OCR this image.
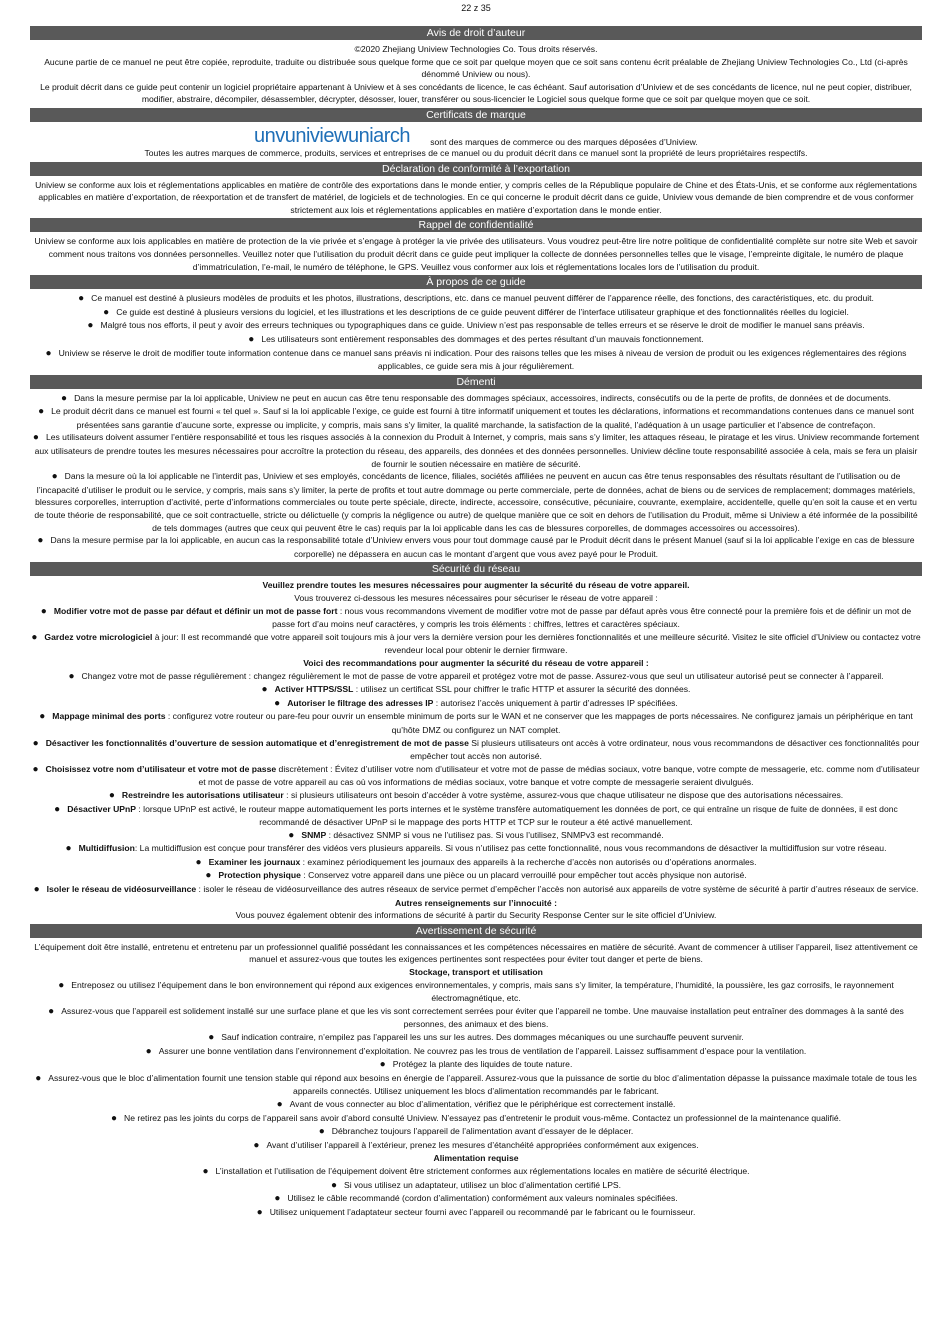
22 z 35
Avis de droit d’auteur

©2020 Zhejiang Uniview Technologies Co. Tous droits réservés.

Aucune partie de ce manuel ne peut être copiée, reproduite, traduite ou distribuée sous quelque forme que ce soit par quelque moyen que ce soit sans contenu écrit préalable de Zhejiang Uniview Technologies Co., Ltd (ci-après dénommé Uniview ou nous).

Le produit décrit dans ce guide peut contenir un logiciel propriétaire appartenant à Uniview et à ses concédants de licence, le cas échéant. Sauf autorisation d’Uniview et de ses concédants de licence, nul ne peut copier, distribuer, modifier, abstraire, décompiler, désassembler, décrypter, désosser, louer, transférer ou sous-licencier le Logiciel sous quelque forme que ce soit par quelque moyen que ce soit.

Certificats de marque
unvuniviewuniarch sont des marques de commerce ou des marques déposées d’Uniview.

Toutes les autres marques de commerce, produits, services et entreprises de ce manuel ou du produit décrit dans ce manuel sont la propriété de leurs propriétaires respectifs.

Déclaration de conformité à l’exportation

Uniview se conforme aux lois et réglementations applicables en matière de contrôle des exportations dans le monde entier, y compris celles de la République populaire de Chine et des États-Unis, et se conforme aux réglementations applicables en matière d’exportation, de réexportation et de transfert de matériel, de logiciels et de technologies. En ce qui concerne le produit décrit dans ce guide, Uniview vous demande de bien comprendre et de vous conformer strictement aux lois et réglementations applicables en matière d’exportation dans le monde entier.

Rappel de confidentialité

Uniview se conforme aux lois applicables en matière de protection de la vie privée et s’engage à protéger la vie privée des utilisateurs. Vous voudrez peut-être lire notre politique de confidentialité complète sur notre site Web et savoir comment nous traitons vos données personnelles. Veuillez noter que l’utilisation du produit décrit dans ce guide peut impliquer la collecte de données personnelles telles que le visage, l’empreinte digitale, le numéro de plaque d’immatriculation, l’e-mail, le numéro de téléphone, le GPS. Veuillez vous conformer aux lois et réglementations locales lors de l’utilisation du produit.

À propos de ce guide
● Ce manuel est destiné à plusieurs modèles de produits et les photos, illustrations, descriptions, etc. dans ce manuel peuvent différer de l’apparence réelle, des fonctions, des caractéristiques, etc. du produit.
● Ce guide est destiné à plusieurs versions du logiciel, et les illustrations et les descriptions de ce guide peuvent différer de l’interface utilisateur graphique et des fonctionnalités réelles du logiciel.
● Malgré tous nos efforts, il peut y avoir des erreurs techniques ou typographiques dans ce guide. Uniview n’est pas responsable de telles erreurs et se réserve le droit de modifier le manuel sans préavis.
● Les utilisateurs sont entièrement responsables des dommages et des pertes résultant d’un mauvais fonctionnement.
● Uniview se réserve le droit de modifier toute information contenue dans ce manuel sans préavis ni indication. Pour des raisons telles que les mises à niveau de version de produit ou les exigences réglementaires des régions applicables, ce guide sera mis à jour régulièrement.
Démenti
● Dans la mesure permise par la loi applicable, Uniview ne peut en aucun cas être tenu responsable des dommages spéciaux, accessoires, indirects, consécutifs ou de la perte de profits, de données et de documents.
● Le produit décrit dans ce manuel est fourni « tel quel ». Sauf si la loi applicable l’exige, ce guide est fourni à titre informatif uniquement et toutes les déclarations, informations et recommandations contenues dans ce manuel sont présentées sans garantie d’aucune sorte, expresse ou implicite, y compris, mais sans s’y limiter, la qualité marchande, la satisfaction de la qualité, l’adéquation à un usage particulier et l’absence de contrefaçon.
● Les utilisateurs doivent assumer l’entière responsabilité et tous les risques associés à la connexion du Produit à Internet, y compris, mais sans s’y limiter, les attaques réseau, le piratage et les virus. Uniview recommande fortement aux utilisateurs de prendre toutes les mesures nécessaires pour accroître la protection du réseau, des appareils, des données et des données personnelles. Uniview décline toute responsabilité associée à cela, mais se fera un plaisir de fournir le soutien nécessaire en matière de sécurité.
● Dans la mesure où la loi applicable ne l’interdit pas, Uniview et ses employés, concédants de licence, filiales, sociétés affiliées ne peuvent en aucun cas être tenus responsables des résultats résultant de l’utilisation ou de l’incapacité d’utiliser le produit ou le service, y compris, mais sans s’y limiter, la perte de profits et tout autre dommage ou perte commerciale, perte de données, achat de biens ou de services de remplacement; dommages matériels, blessures corporelles, interruption d’activité, perte d’informations commerciales ou toute perte spéciale, directe, indirecte, accessoire, consécutive, pécuniaire, couvrante, exemplaire, accidentelle, quelle qu’en soit la cause et en vertu de toute théorie de responsabilité, que ce soit contractuelle, stricte ou délictuelle (y compris la négligence ou autre) de quelque manière que ce soit en dehors de l’utilisation du Produit, même si Uniview a été informée de la possibilité de tels dommages (autres que ceux qui peuvent être le cas) requis par la loi applicable dans les cas de blessures corporelles, de dommages accessoires ou accessoires).
● Dans la mesure permise par la loi applicable, en aucun cas la responsabilité totale d’Uniview envers vous pour tout dommage causé par le Produit décrit dans le présent Manuel (sauf si la loi applicable l’exige en cas de blessure corporelle) ne dépassera en aucun cas le montant d’argent que vous avez payé pour le Produit.
Sécurité du réseau

Veuillez prendre toutes les mesures nécessaires pour augmenter la sécurité du réseau de votre appareil.

Vous trouverez ci-dessous les mesures nécessaires pour sécuriser le réseau de votre appareil :

● Modifier votre mot de passe par défaut et définir un mot de passe fort : nous vous recommandons vivement de modifier votre mot de passe par défaut après vous être connecté pour la première fois et de définir un mot de passe fort d’au moins neuf caractères, y compris les trois éléments : chiffres, lettres et caractères spéciaux.
● Gardez votre micrologiciel à jour: Il est recommandé que votre appareil soit toujours mis à jour vers la dernière version pour les dernières fonctionnalités et une meilleure sécurité. Visitez le site officiel d’Uniview ou contactez votre revendeur local pour obtenir le dernier firmware.

Voici des recommandations pour augmenter la sécurité du réseau de votre appareil :

● Changez votre mot de passe régulièrement : changez régulièrement le mot de passe de votre appareil et protégez votre mot de passe. Assurez-vous que seul un utilisateur autorisé peut se connecter à l’appareil.
● Activer HTTPS/SSL : utilisez un certificat SSL pour chiffrer le trafic HTTP et assurer la sécurité des données.
● Autoriser le filtrage des adresses IP : autorisez l’accès uniquement à partir d’adresses IP spécifiées.
● Mappage minimal des ports : configurez votre routeur ou pare-feu pour ouvrir un ensemble minimum de ports sur le WAN et ne conserver que les mappages de ports nécessaires. Ne configurez jamais un périphérique en tant qu’hôte DMZ ou configurez un NAT complet.
● Désactiver les fonctionnalités d’ouverture de session automatique et d’enregistrement de mot de passe Si plusieurs utilisateurs ont accès à votre ordinateur, nous vous recommandons de désactiver ces fonctionnalités pour empêcher tout accès non autorisé.
● Choisissez votre nom d’utilisateur et votre mot de passe discrètement : Évitez d’utiliser votre nom d’utilisateur et votre mot de passe de médias sociaux, votre banque, votre compte de messagerie, etc. comme nom d’utilisateur et mot de passe de votre appareil au cas où vos informations de médias sociaux, votre banque et votre compte de messagerie seraient divulgués.
● Restreindre les autorisations utilisateur : si plusieurs utilisateurs ont besoin d’accéder à votre système, assurez-vous que chaque utilisateur ne dispose que des autorisations nécessaires.
● Désactiver UPnP : lorsque UPnP est activé, le routeur mappe automatiquement les ports internes et le système transfère automatiquement les données de port, ce qui entraîne un risque de fuite de données, il est donc recommandé de désactiver UPnP si le mappage des ports HTTP et TCP sur le routeur a été activé manuellement.
● SNMP : désactivez SNMP si vous ne l’utilisez pas. Si vous l’utilisez, SNMPv3 est recommandé.
● Multidiffusion: La multidiffusion est conçue pour transférer des vidéos vers plusieurs appareils. Si vous n’utilisez pas cette fonctionnalité, nous vous recommandons de désactiver la multidiffusion sur votre réseau.
● Examiner les journaux : examinez périodiquement les journaux des appareils à la recherche d’accès non autorisés ou d’opérations anormales.
● Protection physique : Conservez votre appareil dans une pièce ou un placard verrouillé pour empêcher tout accès physique non autorisé.
● Isoler le réseau de vidéosurveillance : isoler le réseau de vidéosurveillance des autres réseaux de service permet d’empêcher l’accès non autorisé aux appareils de votre système de sécurité à partir d’autres réseaux de service.

Autres renseignements sur l’innocuité :

Vous pouvez également obtenir des informations de sécurité à partir du Security Response Center sur le site officiel d’Uniview.

Avertissement de sécurité

L’équipement doit être installé, entretenu et entretenu par un professionnel qualifié possédant les connaissances et les compétences nécessaires en matière de sécurité. Avant de commencer à utiliser l’appareil, lisez attentivement ce manuel et assurez-vous que toutes les exigences pertinentes sont respectées pour éviter tout danger et perte de biens.

Stockage, transport et utilisation

● Entreposez ou utilisez l’équipement dans le bon environnement qui répond aux exigences environnementales, y compris, mais sans s’y limiter, la température, l’humidité, la poussière, les gaz corrosifs, le rayonnement électromagnétique, etc.
● Assurez-vous que l’appareil est solidement installé sur une surface plane et que les vis sont correctement serrées pour éviter que l’appareil ne tombe. Une mauvaise installation peut entraîner des dommages à la santé des personnes, des animaux et des biens.
● Sauf indication contraire, n’empilez pas l’appareil les uns sur les autres. Des dommages mécaniques ou une surchauffe peuvent survenir.
● Assurer une bonne ventilation dans l’environnement d’exploitation. Ne couvrez pas les trous de ventilation de l’appareil. Laissez suffisamment d’espace pour la ventilation.
● Protégez la plante des liquides de toute nature.
● Assurez-vous que le bloc d’alimentation fournit une tension stable qui répond aux besoins en énergie de l’appareil. Assurez-vous que la puissance de sortie du bloc d’alimentation dépasse la puissance maximale totale de tous les appareils connectés. Utilisez uniquement les blocs d’alimentation recommandés par le fabricant.
● Avant de vous connecter au bloc d’alimentation, vérifiez que le périphérique est correctement installé.
● Ne retirez pas les joints du corps de l’appareil sans avoir d’abord consulté Uniview. N’essayez pas d’entretenir le produit vous-même. Contactez un professionnel de la maintenance qualifié.
● Débranchez toujours l’appareil de l’alimentation avant d’essayer de le déplacer.
● Avant d’utiliser l’appareil à l’extérieur, prenez les mesures d’étanchéité appropriées conformément aux exigences.

Alimentation requise

● L’installation et l’utilisation de l’équipement doivent être strictement conformes aux réglementations locales en matière de sécurité électrique.
● Si vous utilisez un adaptateur, utilisez un bloc d’alimentation certifié LPS.
● Utilisez le câble recommandé (cordon d’alimentation) conformément aux valeurs nominales spécifiées.
● Utilisez uniquement l’adaptateur secteur fourni avec l’appareil ou recommandé par le fabricant ou le fournisseur.
